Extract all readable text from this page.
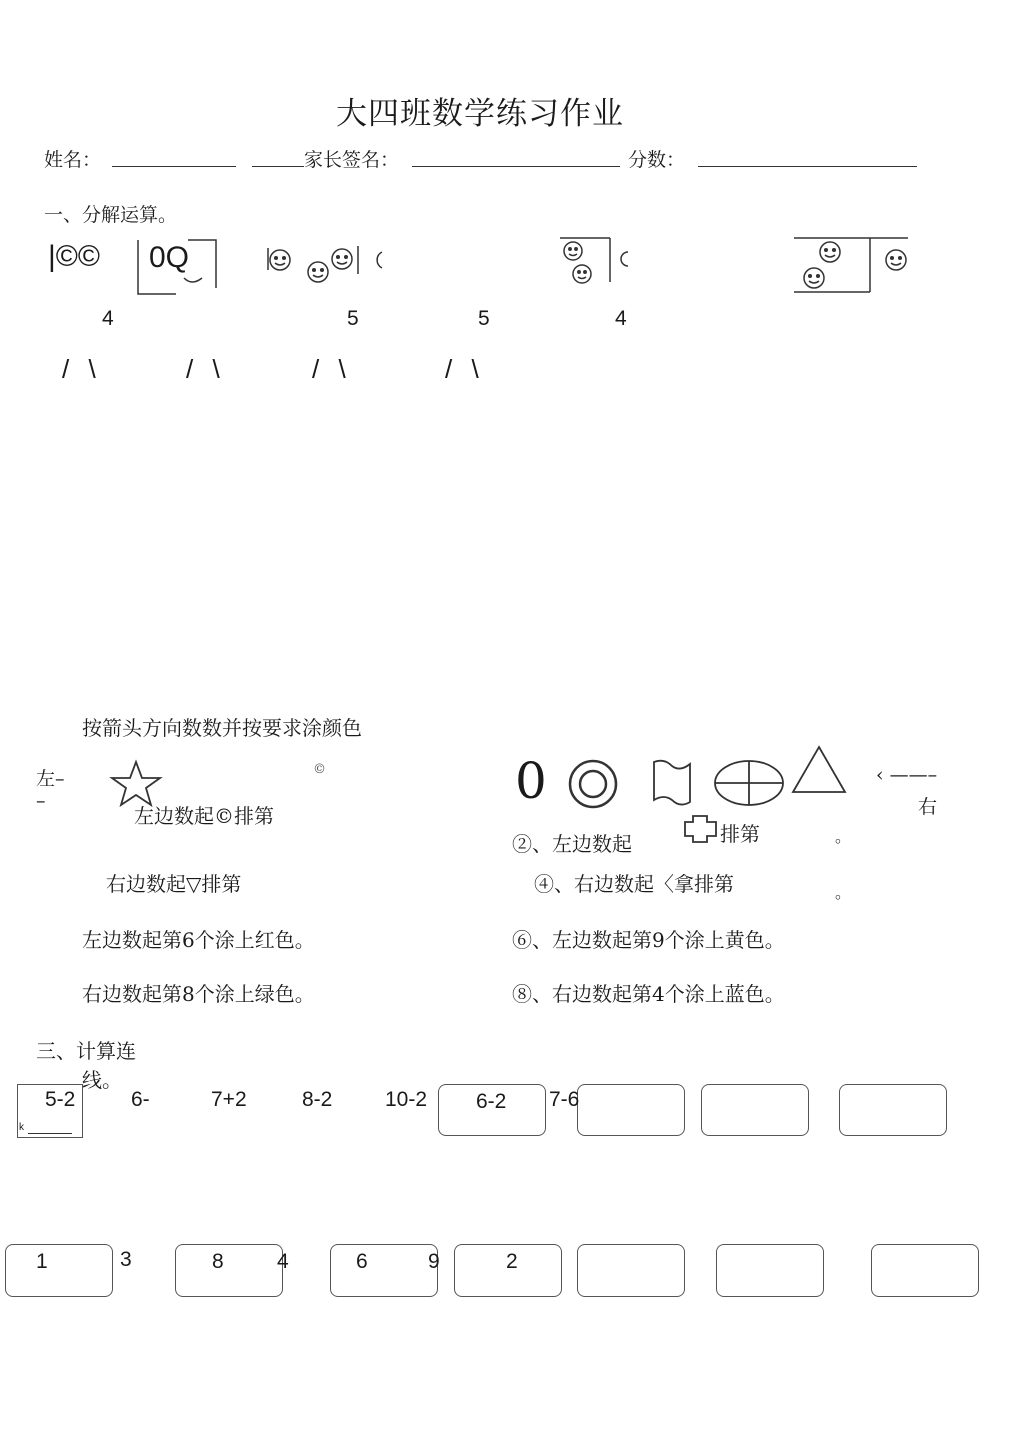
大四班数学练习作业
姓名：	家长签名：	分数：
一、分解运算。
|©© 0Q
4	5	5	4
/ \	/ \	/ \	/ \
按箭头方向数数并按要求涂颜色
左–
–
©
左边数起©排第
0	‹ ——–
右
②、左边数起	排第	。
右边数起▽排第	④、右边数起〈拿排第	。
左边数起第6个涂上红色。	⑥、左边数起第9个涂上黄色。
右边数起第8个涂上绿色。	⑧、右边数起第4个涂上蓝色。
三、计算连
线。
k
5-2	6-	7+2	8-2	10-2 6-2 7-6
1	3	8	4	6	9	2
